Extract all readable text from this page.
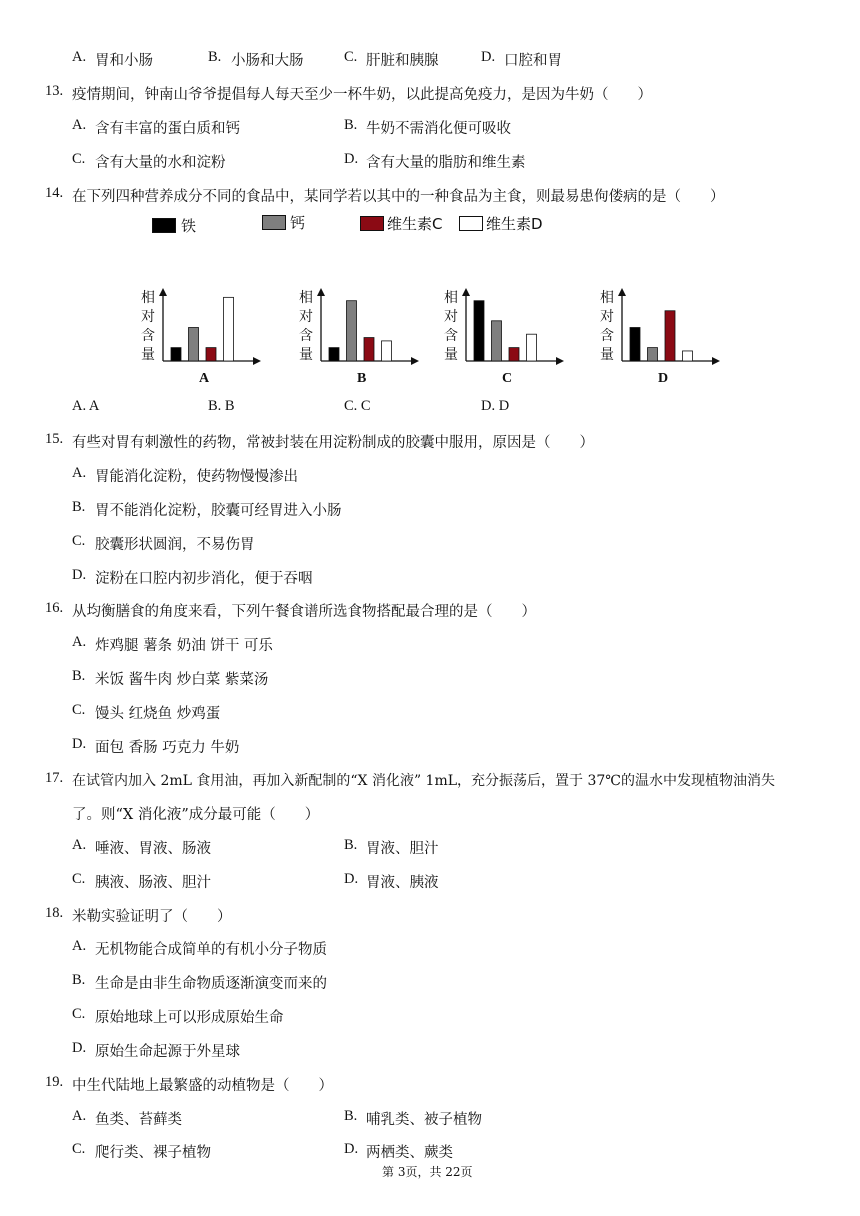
A. 胃和小肠	B. 小肠和大肠	C. 肝脏和胰腺	D. 口腔和胃
13. 疫情期间，钟南山爷爷提倡每人每天至少一杯牛奶，以此提高免疫力，是因为牛奶（　　）
A. 含有丰富的蛋白质和钙	B. 牛奶不需消化便可吸收
C. 含有大量的水和淀粉	D. 含有大量的脂肪和维生素
14. 在下列四种营养成分不同的食品中，某同学若以其中的一种食品为主食，则最易患佝偻病的是（　　）
铁	钙	维生素C	维生素D
相
对
含
量
A
相
对
含
量
B
相
对
含
量
C
相
对
含
量
D
A. A	B. B	C. C	D. D
15. 有些对胃有刺激性的药物，常被封装在用淀粉制成的胶囊中服用，原因是（　　）
A. 胃能消化淀粉，使药物慢慢渗出
B. 胃不能消化淀粉，胶囊可经胃进入小肠
C. 胶囊形状圆润，不易伤胃
D. 淀粉在口腔内初步消化，便于吞咽
16. 从均衡膳食的角度来看，下列午餐食谱所选食物搭配最合理的是（　　）
A. 炸鸡腿 薯条 奶油 饼干 可乐
B. 米饭 酱牛肉 炒白菜 紫菜汤
C. 馒头 红烧鱼 炒鸡蛋
D. 面包 香肠 巧克力 牛奶
17. 在试管内加入 2mL 食用油，再加入新配制的“X 消化液” 1mL，充分振荡后，置于 37℃的温水中发现植物油消失
了。则“X 消化液”成分最可能（　　）
A. 唾液、胃液、肠液	B. 胃液、胆汁
C. 胰液、肠液、胆汁	D. 胃液、胰液
18. 米勒实验证明了（　　）
A. 无机物能合成简单的有机小分子物质
B. 生命是由非生命物质逐渐演变而来的
C. 原始地球上可以形成原始生命
D. 原始生命起源于外星球
19. 中生代陆地上最繁盛的动植物是（　　）
A. 鱼类、苔藓类	B. 哺乳类、被子植物
C. 爬行类、裸子植物	D. 两栖类、蕨类
第 3页，共 22页
